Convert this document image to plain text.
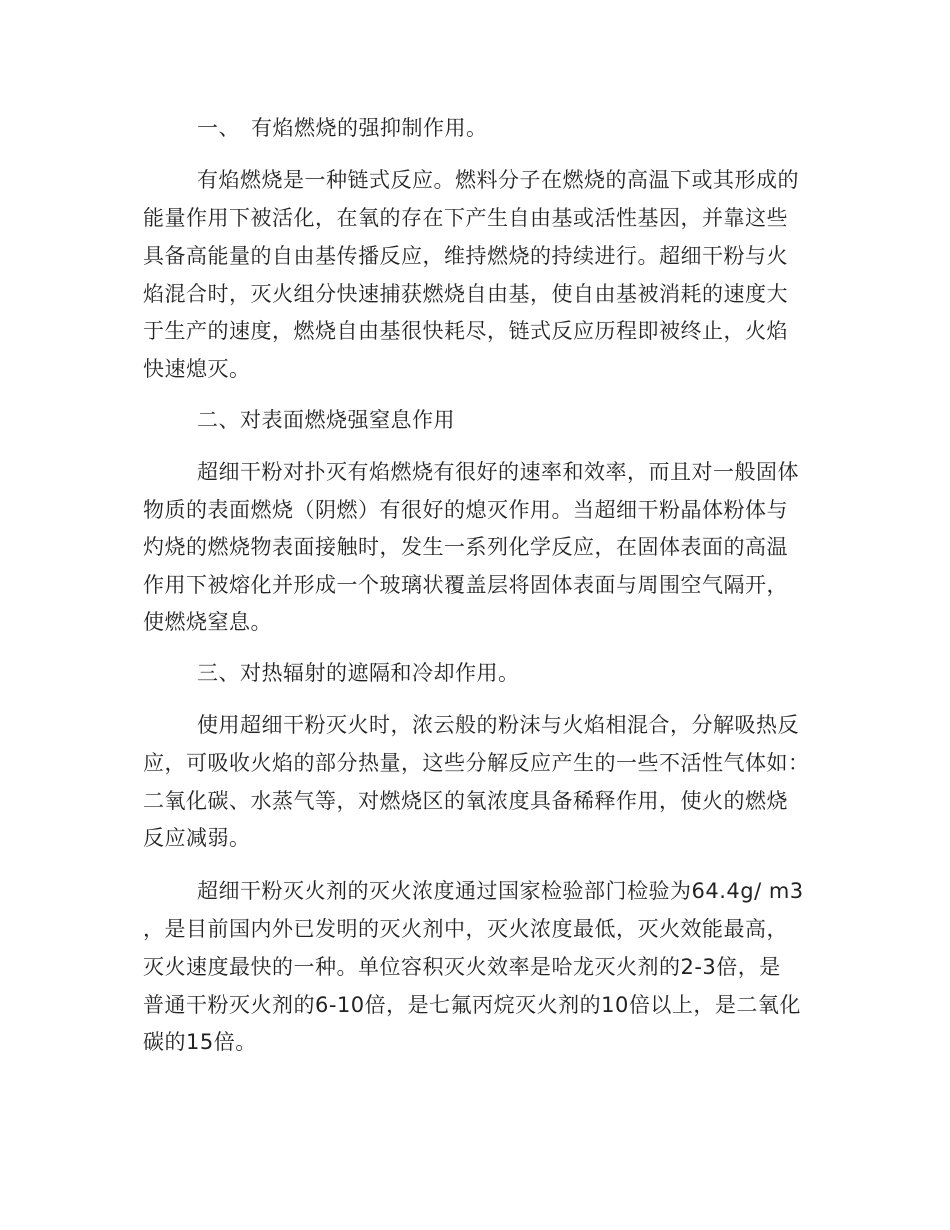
一、　有焰燃烧的强抑制作用。
有焰燃烧是一种链式反应。燃料分子在燃烧的高温下或其形成的
能量作用下被活化，在氧的存在下产生自由基或活性基因，并靠这些
具备高能量的自由基传播反应，维持燃烧的持续进行。超细干粉与火
焰混合时，灭火组分快速捕获燃烧自由基，使自由基被消耗的速度大
于生产的速度，燃烧自由基很快耗尽，链式反应历程即被终止，火焰
快速熄灭。
二、对表面燃烧强窒息作用
超细干粉对扑灭有焰燃烧有很好的速率和效率，而且对一般固体
物质的表面燃烧（阴燃）有很好的熄灭作用。当超细干粉晶体粉体与
灼烧的燃烧物表面接触时，发生一系列化学反应，在固体表面的高温
作用下被熔化并形成一个玻璃状覆盖层将固体表面与周围空气隔开，
使燃烧窒息。
三、对热辐射的遮隔和冷却作用。
使用超细干粉灭火时，浓云般的粉沫与火焰相混合，分解吸热反
应，可吸收火焰的部分热量，这些分解反应产生的一些不活性气体如：
二氧化碳、水蒸气等，对燃烧区的氧浓度具备稀释作用，使火的燃烧
反应减弱。
超细干粉灭火剂的灭火浓度通过国家检验部门检验为64.4g/ m3
，是目前国内外已发明的灭火剂中，灭火浓度最低，灭火效能最高，
灭火速度最快的一种。单位容积灭火效率是哈龙灭火剂的2-3倍，是
普通干粉灭火剂的6-10倍，是七氟丙烷灭火剂的10倍以上，是二氧化
碳的15倍。
